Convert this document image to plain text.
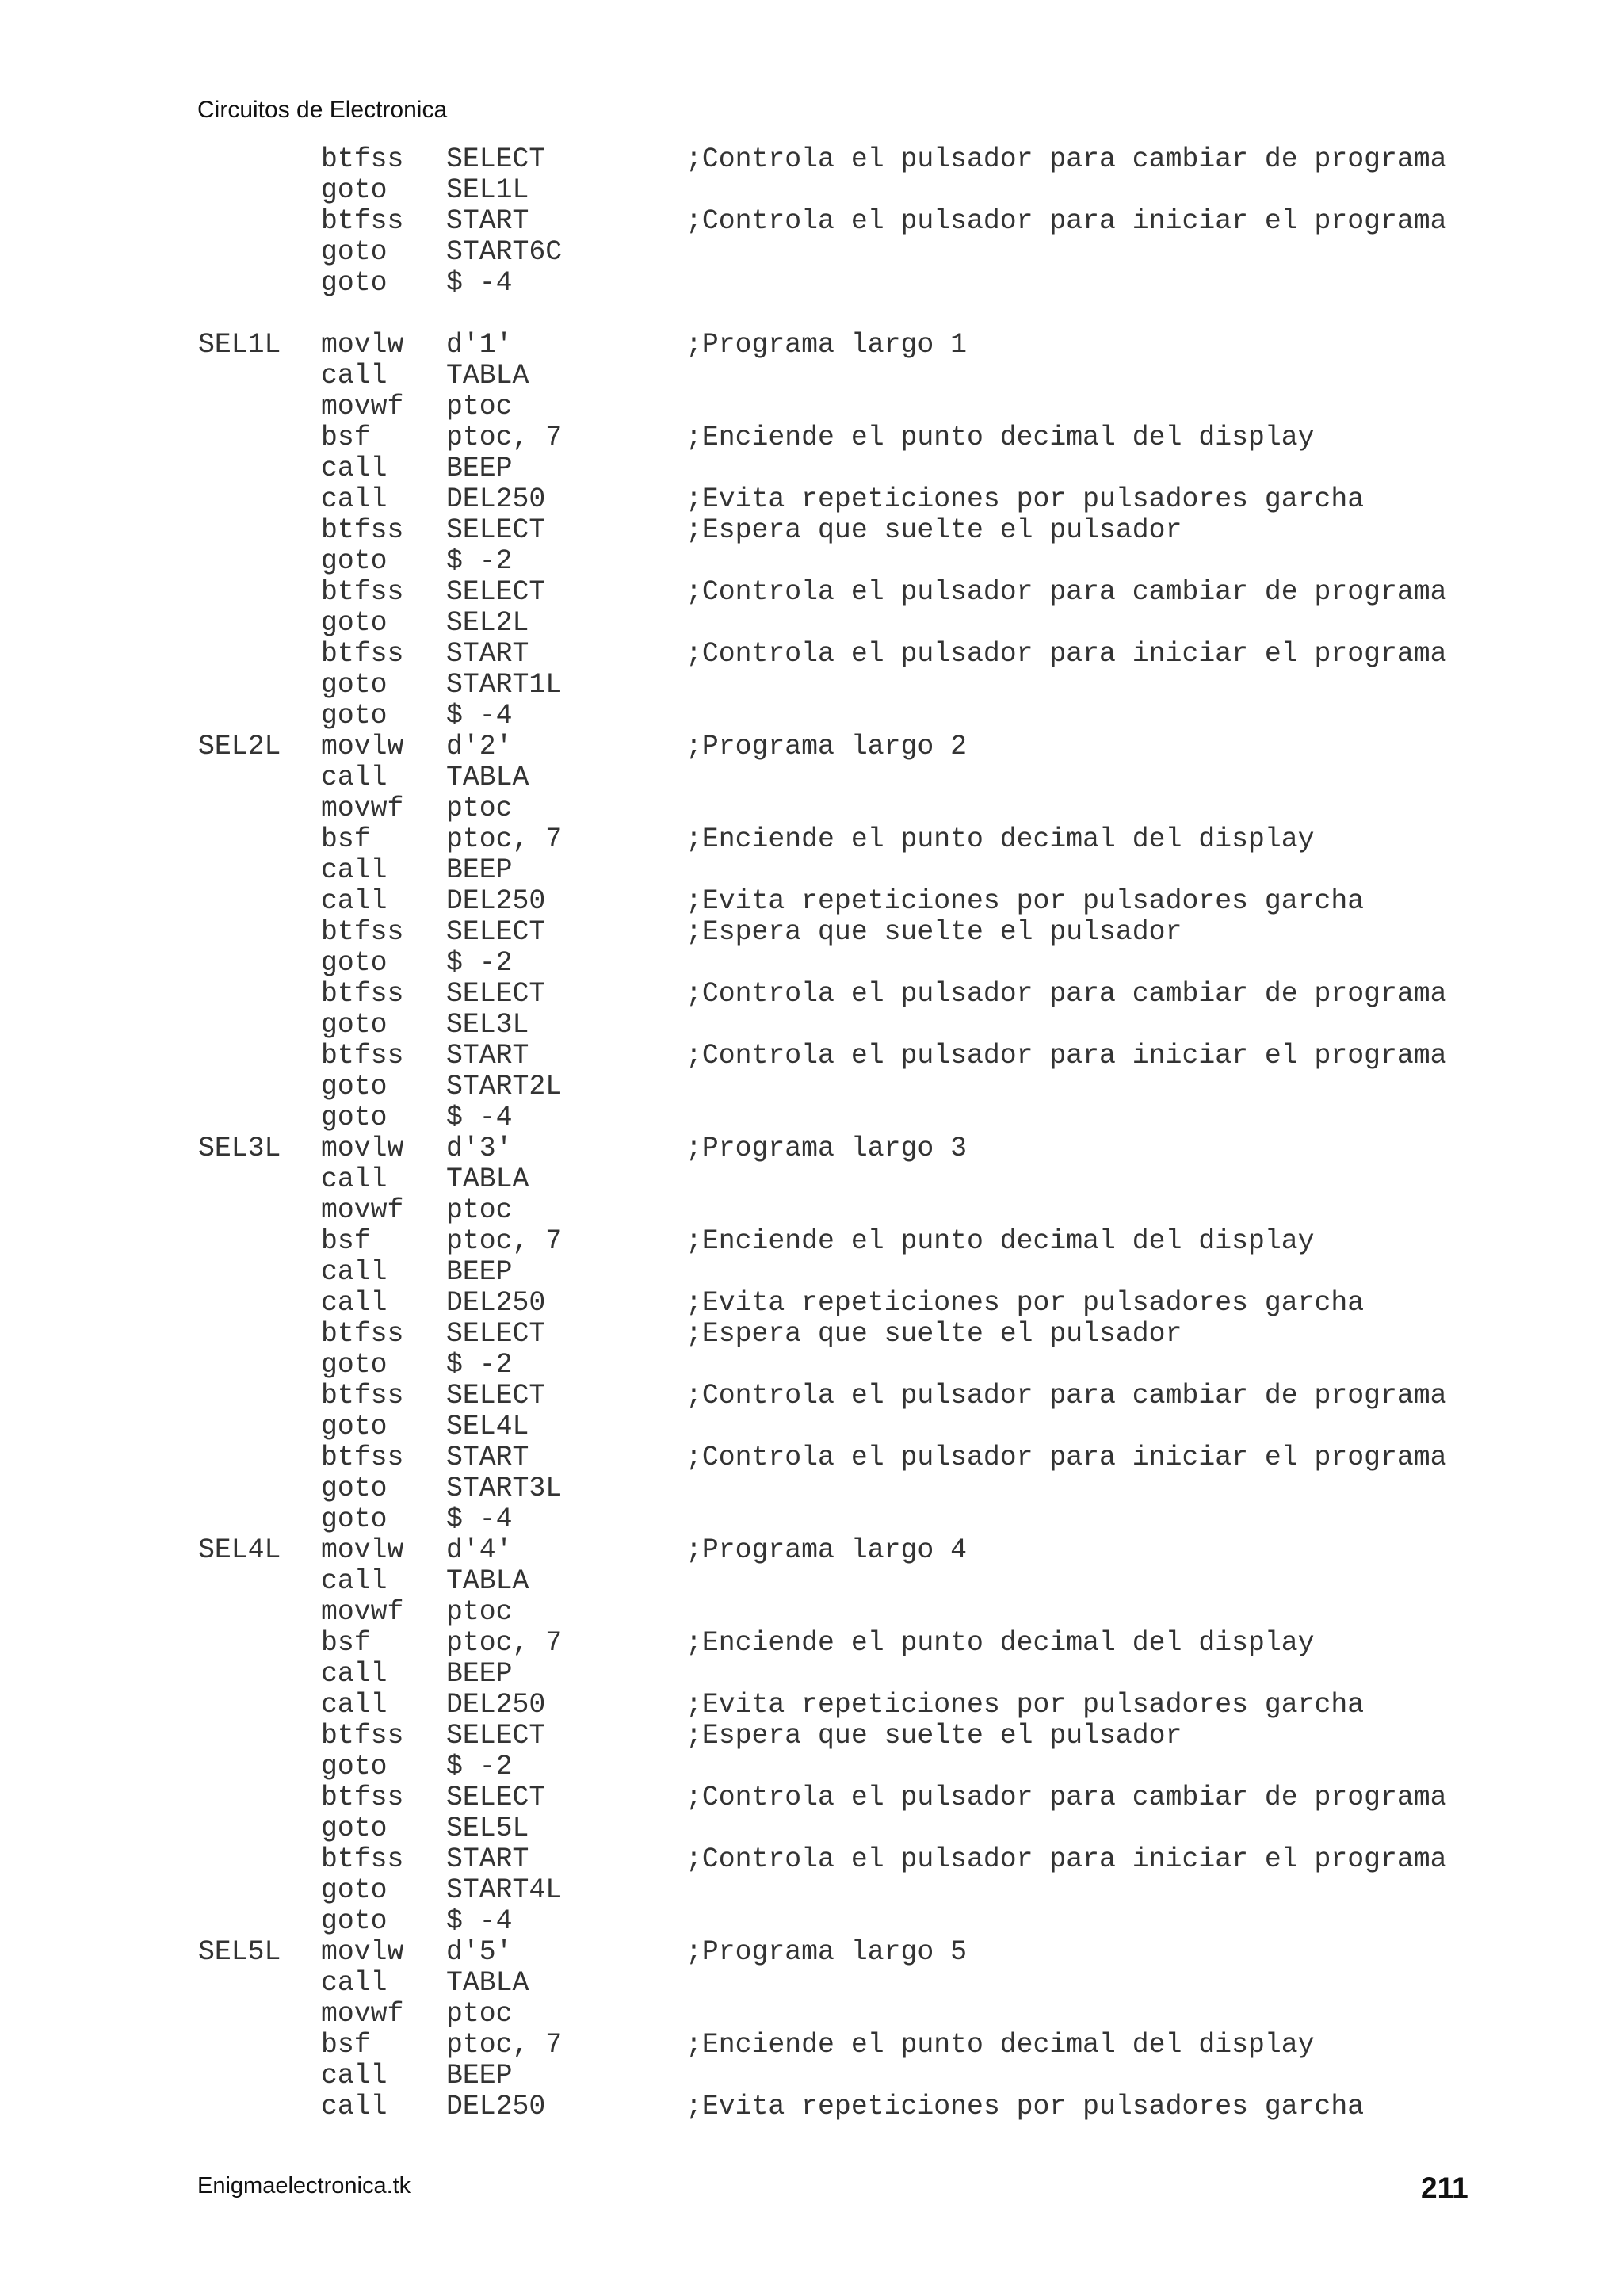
Circuitos de Electronica
btfss SELECT	;Controla el pulsador para cambiar de programa
goto SEL1L
btfss START	;Controla el pulsador para iniciar el programa
goto START6C
goto $ -4
SEL1L movlw d'1'	;Programa largo 1
call TABLA
movwf ptoc
bsf	ptoc, 7	;Enciende el punto decimal del display
call BEEP
call DEL250	;Evita repeticiones por pulsadores garcha
btfss SELECT	;Espera que suelte el pulsador
goto $ -2
btfss SELECT	;Controla el pulsador para cambiar de programa
goto SEL2L
btfss START	;Controla el pulsador para iniciar el programa
goto START1L
goto $ -4
SEL2L movlw d'2'	;Programa largo 2
call TABLA
movwf ptoc
bsf	ptoc, 7	;Enciende el punto decimal del display
call BEEP
call DEL250	;Evita repeticiones por pulsadores garcha
btfss SELECT	;Espera que suelte el pulsador
goto $ -2
btfss SELECT	;Controla el pulsador para cambiar de programa
goto SEL3L
btfss START	;Controla el pulsador para iniciar el programa
goto START2L
goto $ -4
SEL3L movlw d'3'	;Programa largo 3
call TABLA
movwf ptoc
bsf	ptoc, 7	;Enciende el punto decimal del display
call BEEP
call DEL250	;Evita repeticiones por pulsadores garcha
btfss SELECT	;Espera que suelte el pulsador
goto $ -2
btfss SELECT	;Controla el pulsador para cambiar de programa
goto SEL4L
btfss START	;Controla el pulsador para iniciar el programa
goto START3L
goto $ -4
SEL4L movlw d'4'	;Programa largo 4
call TABLA
movwf ptoc
bsf	ptoc, 7	;Enciende el punto decimal del display
call BEEP
call DEL250	;Evita repeticiones por pulsadores garcha
btfss SELECT	;Espera que suelte el pulsador
goto $ -2
btfss SELECT	;Controla el pulsador para cambiar de programa
goto SEL5L
btfss START	;Controla el pulsador para iniciar el programa
goto START4L
goto $ -4
SEL5L movlw d'5'	;Programa largo 5
call TABLA
movwf ptoc
bsf	ptoc, 7	;Enciende el punto decimal del display
call BEEP
call DEL250	;Evita repeticiones por pulsadores garcha
Enigmaelectronica.tk	211
